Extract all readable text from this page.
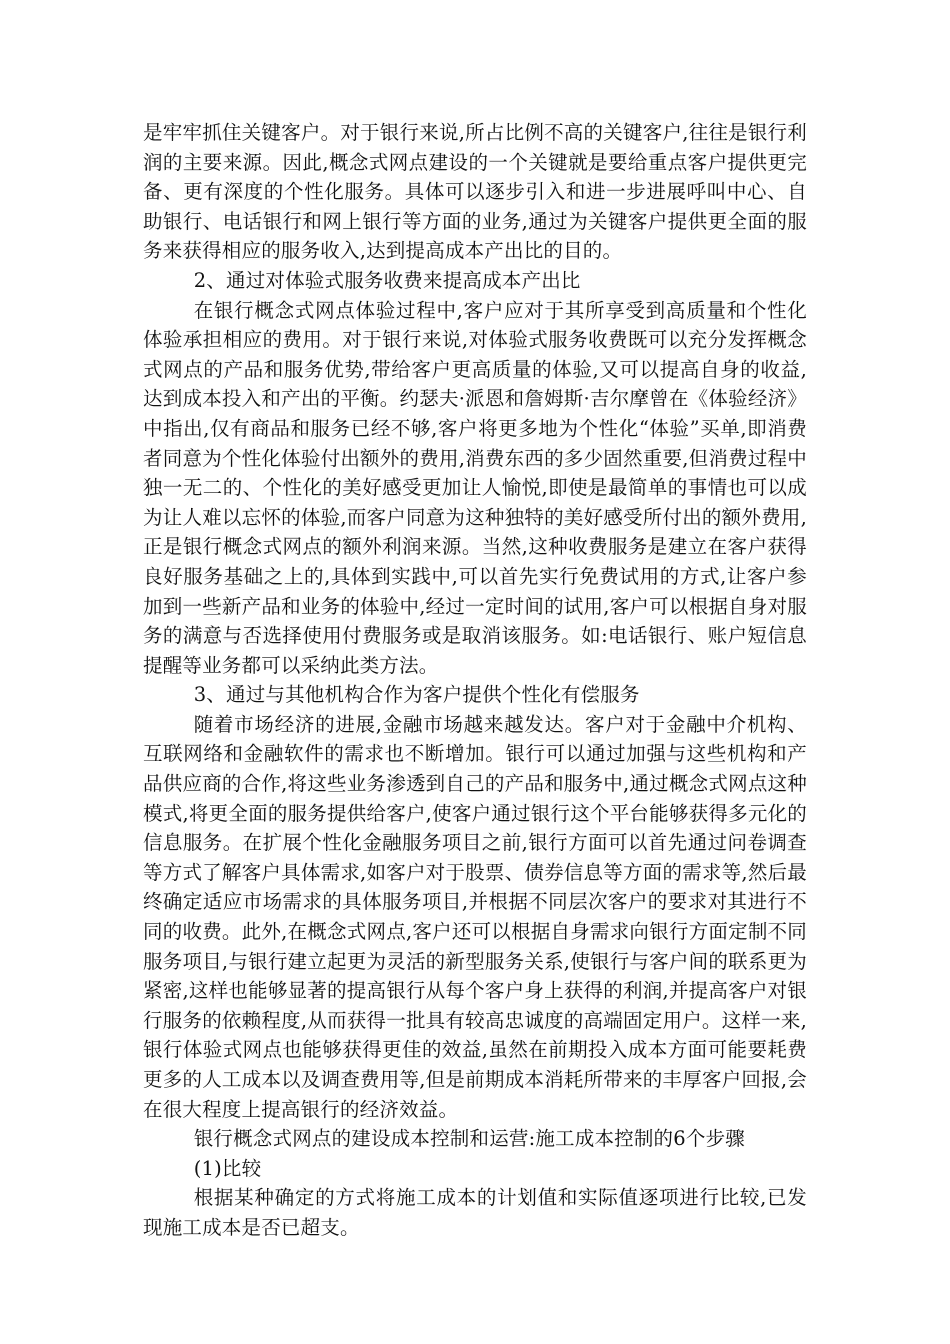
是牢牢抓住关键客户。对于银行来说,所占比例不高的关键客户,往往是银行利润的主要来源。因此,概念式网点建设的一个关键就是要给重点客户提供更完备、更有深度的个性化服务。具体可以逐步引入和进一步进展呼叫中心、自助银行、电话银行和网上银行等方面的业务,通过为关键客户提供更全面的服务来获得相应的服务收入,达到提高成本产出比的目的。

2、通过对体验式服务收费来提高成本产出比

在银行概念式网点体验过程中,客户应对于其所享受到高质量和个性化体验承担相应的费用。对于银行来说,对体验式服务收费既可以充分发挥概念式网点的产品和服务优势,带给客户更高质量的体验,又可以提高自身的收益,达到成本投入和产出的平衡。约瑟夫·派恩和詹姆斯·吉尔摩曾在《体验经济》中指出,仅有商品和服务已经不够,客户将更多地为个性化“体验”买单,即消费者同意为个性化体验付出额外的费用,消费东西的多少固然重要,但消费过程中独一无二的、个性化的美好感受更加让人愉悦,即使是最简单的事情也可以成为让人难以忘怀的体验,而客户同意为这种独特的美好感受所付出的额外费用,正是银行概念式网点的额外利润来源。当然,这种收费服务是建立在客户获得良好服务基础之上的,具体到实践中,可以首先实行免费试用的方式,让客户参加到一些新产品和业务的体验中,经过一定时间的试用,客户可以根据自身对服务的满意与否选择使用付费服务或是取消该服务。如:电话银行、账户短信息提醒等业务都可以采纳此类方法。

3、通过与其他机构合作为客户提供个性化有偿服务

随着市场经济的进展,金融市场越来越发达。客户对于金融中介机构、互联网络和金融软件的需求也不断增加。银行可以通过加强与这些机构和产品供应商的合作,将这些业务渗透到自己的产品和服务中,通过概念式网点这种模式,将更全面的服务提供给客户,使客户通过银行这个平台能够获得多元化的信息服务。在扩展个性化金融服务项目之前,银行方面可以首先通过问卷调查等方式了解客户具体需求,如客户对于股票、债券信息等方面的需求等,然后最终确定适应市场需求的具体服务项目,并根据不同层次客户的要求对其进行不同的收费。此外,在概念式网点,客户还可以根据自身需求向银行方面定制不同服务项目,与银行建立起更为灵活的新型服务关系,使银行与客户间的联系更为紧密,这样也能够显著的提高银行从每个客户身上获得的利润,并提高客户对银行服务的依赖程度,从而获得一批具有较高忠诚度的高端固定用户。这样一来,银行体验式网点也能够获得更佳的效益,虽然在前期投入成本方面可能要耗费更多的人工成本以及调查费用等,但是前期成本消耗所带来的丰厚客户回报,会在很大程度上提高银行的经济效益。

银行概念式网点的建设成本控制和运营:施工成本控制的6个步骤

(1)比较

根据某种确定的方式将施工成本的计划值和实际值逐项进行比较,已发现施工成本是否已超支。
